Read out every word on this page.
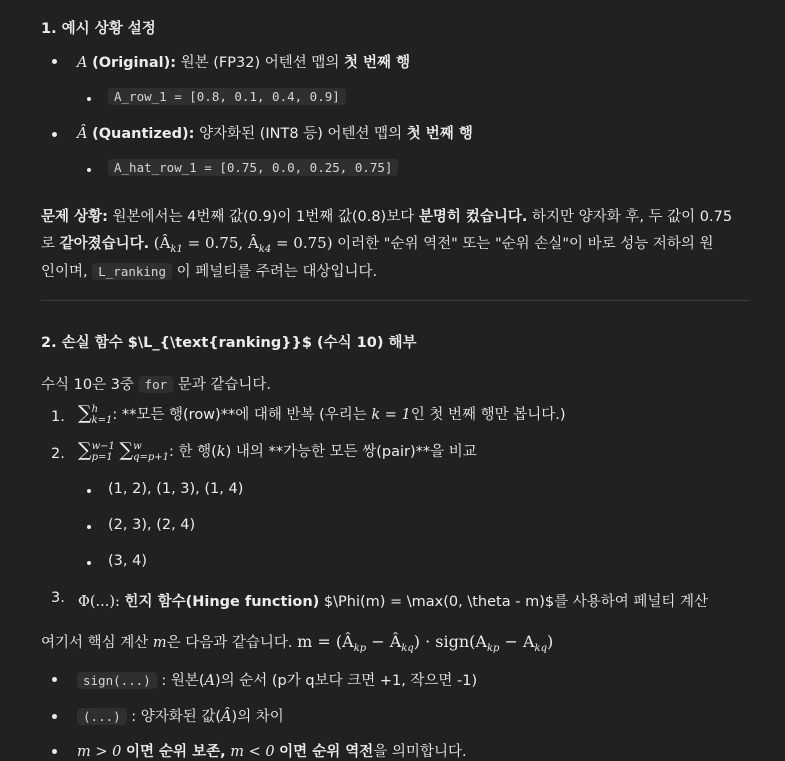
1. 예시 상황 설정
A (Original): 원본 (FP32) 어텐션 맵의 첫 번째 행
A_row_1 = [0.8, 0.1, 0.4, 0.9]
Â (Quantized): 양자화된 (INT8 등) 어텐션 맵의 첫 번째 행
A_hat_row_1 = [0.75, 0.0, 0.25, 0.75]
문제 상황: 원본에서는 4번째 값(0.9)이 1번째 값(0.8)보다 분명히 컸습니다. 하지만 양자화 후, 두 값이 0.75
로 같아졌습니다. ($Â_{k1} = 0.75$, $Â_{k4} = 0.75$) 이러한 "순위 역전" 또는 "순위 손실"이 바로 성능 저하의 원
인이며, L_ranking 이 페널티를 주려는 대상입니다.
2. 손실 함수 $\L_{\text{ranking}}$ (수식 10) 해부
수식 10은 3중 for 문과 같습니다.
1. ∑h
k=1: **모든 행(row)**에 대해 반복 (우리는 k = 1인 첫 번째 행만 봅니다.)
2. ∑w−1
p=1 ∑w
q=p+1: 한 행(k) 내의 **가능한 모든 쌍(pair)**을 비교
(1, 2), (1, 3), (1, 4)
(2, 3), (2, 4)
(3, 4)
3. Φ(...): 힌지 함수(Hinge function) $\Phi(m) = \max(0, \theta - m)$를 사용하여 페널티 계산
여기서 핵심 계산 m은 다음과 같습니다. $m = (Â_{kp}$ − $Â_{kq}$) · $sign(A_{kp} - A_{kq})$
sign(...) : 원본(A)의 순서 (p가 q보다 크면 +1, 작으면 -1)
(...) : 양자화된 값(Â)의 차이
m > 0 이면 순위 보존, m < 0 이면 순위 역전을 의미합니다.
